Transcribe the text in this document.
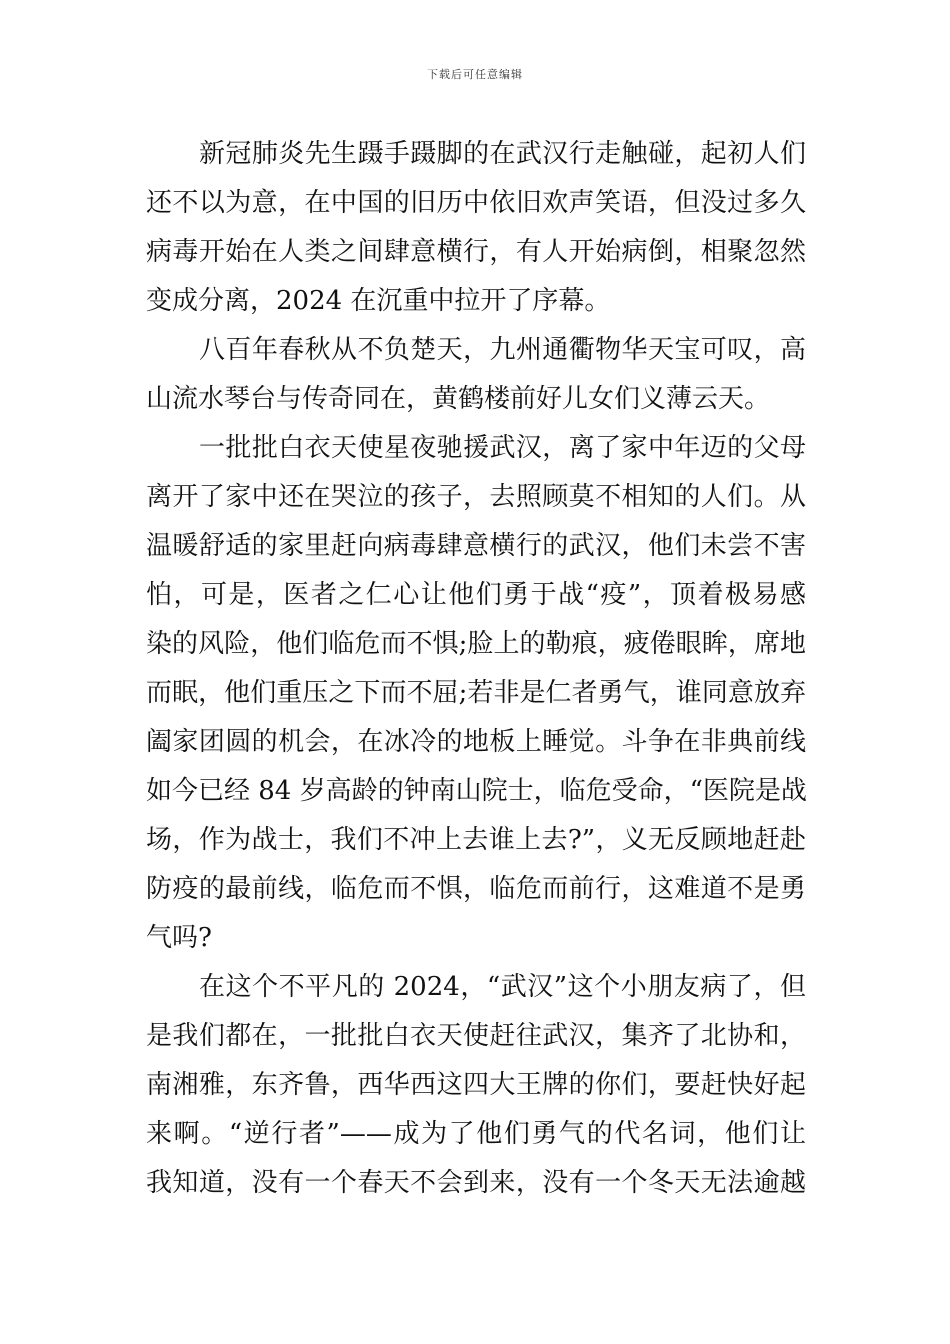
下载后可任意编辑
新冠肺炎先生蹑手蹑脚的在武汉行走触碰，起初人们
还不以为意，在中国的旧历中依旧欢声笑语，但没过多久
病毒开始在人类之间肆意横行，有人开始病倒，相聚忽然
变成分离，2024 在沉重中拉开了序幕。
八百年春秋从不负楚天，九州通衢物华天宝可叹，高
山流水琴台与传奇同在，黄鹤楼前好儿女们义薄云天。
一批批白衣天使星夜驰援武汉，离了家中年迈的父母
离开了家中还在哭泣的孩子，去照顾莫不相知的人们。从
温暖舒适的家里赶向病毒肆意横行的武汉，他们未尝不害
怕，可是，医者之仁心让他们勇于战“疫”，顶着极易感
染的风险，他们临危而不惧;脸上的勒痕，疲倦眼眸，席地
而眠，他们重压之下而不屈;若非是仁者勇气，谁同意放弃
阖家团圆的机会，在冰冷的地板上睡觉。斗争在非典前线
如今已经 84 岁高龄的钟南山院士，临危受命，“医院是战
场，作为战士，我们不冲上去谁上去?”，义无反顾地赶赴
防疫的最前线，临危而不惧，临危而前行，这难道不是勇
气吗?
在这个不平凡的 2024，“武汉”这个小朋友病了，但
是我们都在，一批批白衣天使赶往武汉，集齐了北协和，
南湘雅，东齐鲁，西华西这四大王牌的你们，要赶快好起
来啊。“逆行者”——成为了他们勇气的代名词，他们让
我知道，没有一个春天不会到来，没有一个冬天无法逾越
